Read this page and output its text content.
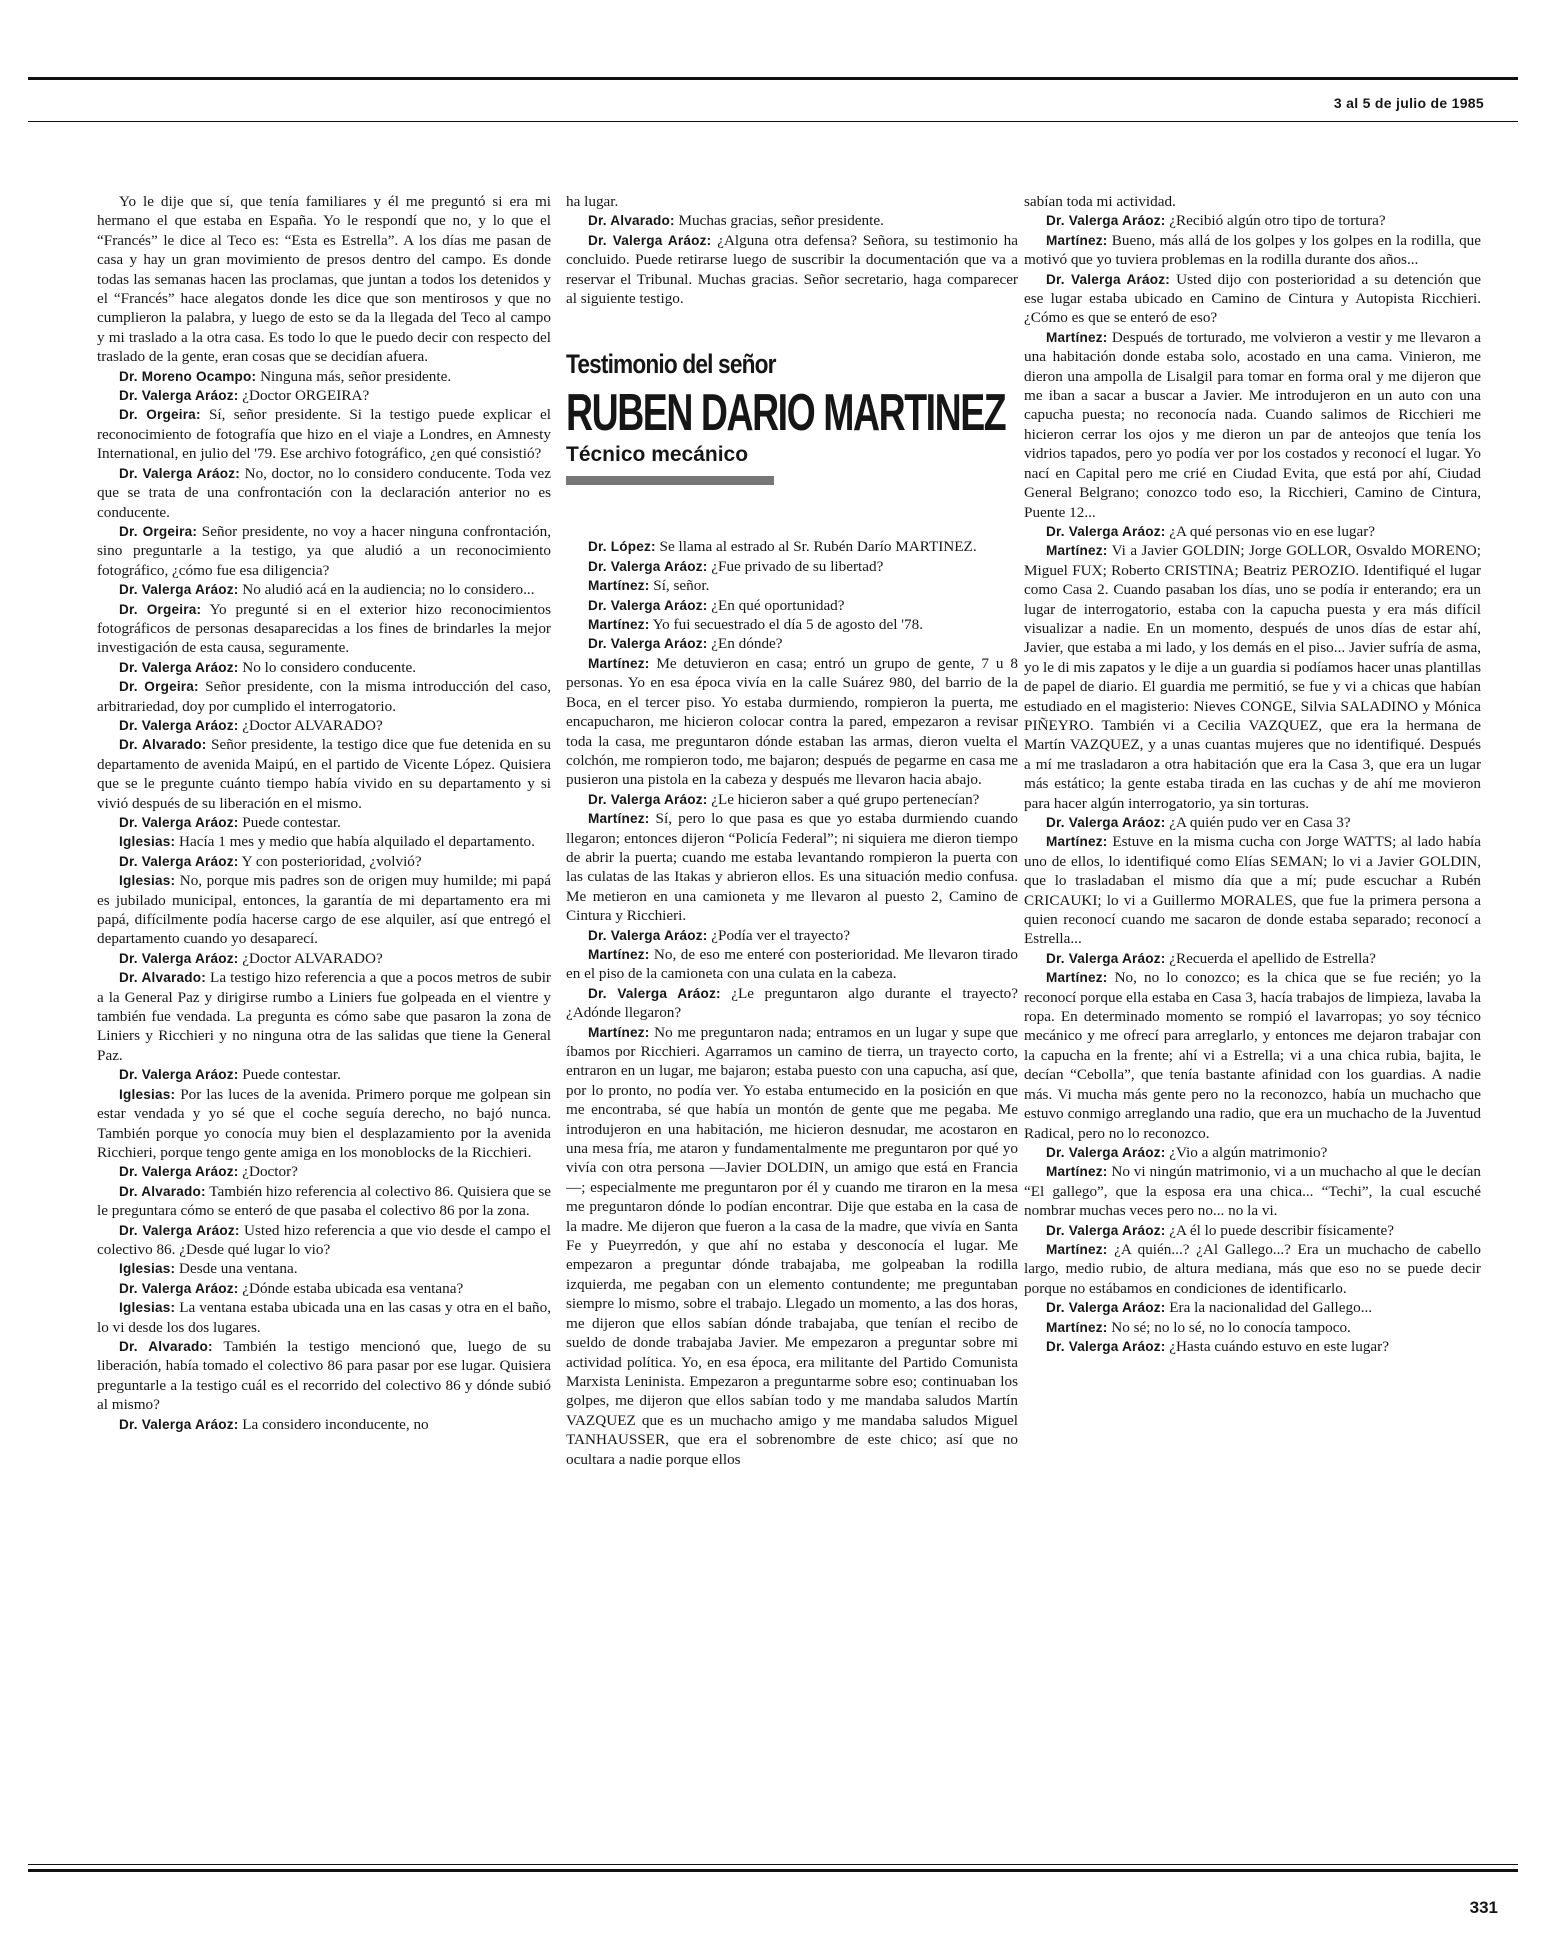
3 al 5 de julio de 1985

Yo le dije que sí, que tenía familiares y él me preguntó si era mi hermano el que estaba en España. Yo le respondí que no, y lo que el “Francés” le dice al Teco es: “Esta es Estrella”. A los días me pasan de casa y hay un gran movimiento de presos dentro del campo. Es donde todas las semanas hacen las proclamas, que juntan a todos los detenidos y el “Francés” hace alegatos donde les dice que son mentirosos y que no cumplieron la palabra, y luego de esto se da la llegada del Teco al campo y mi traslado a la otra casa. Es todo lo que le puedo decir con respecto del traslado de la gente, eran cosas que se decidían afuera.

Dr. Moreno Ocampo: Ninguna más, señor presidente.

Dr. Valerga Aráoz: ¿Doctor ORGEIRA?

Dr. Orgeira: Sí, señor presidente. Si la testigo puede explicar el reconocimiento de fotografía que hizo en el viaje a Londres, en Amnesty International, en julio del '79. Ese archivo fotográfico, ¿en qué consistió?

Dr. Valerga Aráoz: No, doctor, no lo considero conducente. Toda vez que se trata de una confrontación con la declaración anterior no es conducente.

Dr. Orgeira: Señor presidente, no voy a hacer ninguna confrontación, sino preguntarle a la testigo, ya que aludió a un reconocimiento fotográfico, ¿cómo fue esa diligencia?

Dr. Valerga Aráoz: No aludió acá en la audiencia; no lo considero...

Dr. Orgeira: Yo pregunté si en el exterior hizo reconocimientos fotográficos de personas desaparecidas a los fines de brindarles la mejor investigación de esta causa, seguramente.

Dr. Valerga Aráoz: No lo considero conducente.

Dr. Orgeira: Señor presidente, con la misma introducción del caso, arbitrariedad, doy por cumplido el interrogatorio.

Dr. Valerga Aráoz: ¿Doctor ALVARADO?

Dr. Alvarado: Señor presidente, la testigo dice que fue detenida en su departamento de avenida Maipú, en el partido de Vicente López. Quisiera que se le pregunte cuánto tiempo había vivido en su departamento y si vivió después de su liberación en el mismo.

Dr. Valerga Aráoz: Puede contestar.

Iglesias: Hacía 1 mes y medio que había alquilado el departamento.

Dr. Valerga Aráoz: Y con posterioridad, ¿volvió?

Iglesias: No, porque mis padres son de origen muy humilde; mi papá es jubilado municipal, entonces, la garantía de mi departamento era mi papá, difícilmente podía hacerse cargo de ese alquiler, así que entregó el departamento cuando yo desaparecí.

Dr. Valerga Aráoz: ¿Doctor ALVARADO?

Dr. Alvarado: La testigo hizo referencia a que a pocos metros de subir a la General Paz y dirigirse rumbo a Liniers fue golpeada en el vientre y también fue vendada. La pregunta es cómo sabe que pasaron la zona de Liniers y Ricchieri y no ninguna otra de las salidas que tiene la General Paz.

Dr. Valerga Aráoz: Puede contestar.

Iglesias: Por las luces de la avenida. Primero porque me golpean sin estar vendada y yo sé que el coche seguía derecho, no bajó nunca. También porque yo conocía muy bien el desplazamiento por la avenida Ricchieri, porque tengo gente amiga en los monoblocks de la Ricchieri.

Dr. Valerga Aráoz: ¿Doctor?

Dr. Alvarado: También hizo referencia al colectivo 86. Quisiera que se le preguntara cómo se enteró de que pasaba el colectivo 86 por la zona.

Dr. Valerga Aráoz: Usted hizo referencia a que vio desde el campo el colectivo 86. ¿Desde qué lugar lo vio?

Iglesias: Desde una ventana.

Dr. Valerga Aráoz: ¿Dónde estaba ubicada esa ventana?

Iglesias: La ventana estaba ubicada una en las casas y otra en el baño, lo vi desde los dos lugares.

Dr. Alvarado: También la testigo mencionó que, luego de su liberación, había tomado el colectivo 86 para pasar por ese lugar. Quisiera preguntarle a la testigo cuál es el recorrido del colectivo 86 y dónde subió al mismo?

Dr. Valerga Aráoz: La considero inconducente, no

ha lugar.

Dr. Alvarado: Muchas gracias, señor presidente.

Dr. Valerga Aráoz: ¿Alguna otra defensa? Señora, su testimonio ha concluido. Puede retirarse luego de suscribir la documentación que va a reservar el Tribunal. Muchas gracias. Señor secretario, haga comparecer al siguiente testigo.

Testimonio del señor
RUBEN DARIO MARTINEZ
Técnico mecánico

Dr. López: Se llama al estrado al Sr. Rubén Darío MARTINEZ.

Dr. Valerga Aráoz: ¿Fue privado de su libertad?

Martínez: Sí, señor.

Dr. Valerga Aráoz: ¿En qué oportunidad?

Martínez: Yo fui secuestrado el día 5 de agosto del '78.

Dr. Valerga Aráoz: ¿En dónde?

Martínez: Me detuvieron en casa; entró un grupo de gente, 7 u 8 personas. Yo en esa época vivía en la calle Suárez 980, del barrio de la Boca, en el tercer piso. Yo estaba durmiendo, rompieron la puerta, me encapucharon, me hicieron colocar contra la pared, empezaron a revisar toda la casa, me preguntaron dónde estaban las armas, dieron vuelta el colchón, me rompieron todo, me bajaron; después de pegarme en casa me pusieron una pistola en la cabeza y después me llevaron hacia abajo.

Dr. Valerga Aráoz: ¿Le hicieron saber a qué grupo pertenecían?

Martínez: Sí, pero lo que pasa es que yo estaba durmiendo cuando llegaron; entonces dijeron “Policía Federal”; ni siquiera me dieron tiempo de abrir la puerta; cuando me estaba levantando rompieron la puerta con las culatas de las Itakas y abrieron ellos. Es una situación medio confusa. Me metieron en una camioneta y me llevaron al puesto 2, Camino de Cintura y Ricchieri.

Dr. Valerga Aráoz: ¿Podía ver el trayecto?

Martínez: No, de eso me enteré con posterioridad. Me llevaron tirado en el piso de la camioneta con una culata en la cabeza.

Dr. Valerga Aráoz: ¿Le preguntaron algo durante el trayecto? ¿Adónde llegaron?

Martínez: No me preguntaron nada; entramos en un lugar y supe que íbamos por Ricchieri. Agarramos un camino de tierra, un trayecto corto, entraron en un lugar, me bajaron; estaba puesto con una capucha, así que, por lo pronto, no podía ver. Yo estaba entumecido en la posición en que me encontraba, sé que había un montón de gente que me pegaba. Me introdujeron en una habitación, me hicieron desnudar, me acostaron en una mesa fría, me ataron y fundamentalmente me preguntaron por qué yo vivía con otra persona —Javier DOLDIN, un amigo que está en Francia—; especialmente me preguntaron por él y cuando me tiraron en la mesa me preguntaron dónde lo podían encontrar. Dije que estaba en la casa de la madre. Me dijeron que fueron a la casa de la madre, que vivía en Santa Fe y Pueyrredón, y que ahí no estaba y desconocía el lugar. Me empezaron a preguntar dónde trabajaba, me golpeaban la rodilla izquierda, me pegaban con un elemento contundente; me preguntaban siempre lo mismo, sobre el trabajo. Llegado un momento, a las dos horas, me dijeron que ellos sabían dónde trabajaba, que tenían el recibo de sueldo de donde trabajaba Javier. Me empezaron a preguntar sobre mi actividad política. Yo, en esa época, era militante del Partido Comunista Marxista Leninista. Empezaron a preguntarme sobre eso; continuaban los golpes, me dijeron que ellos sabían todo y me mandaba saludos Martín VAZQUEZ que es un muchacho amigo y me mandaba saludos Miguel TANHAUSSER, que era el sobrenombre de este chico; así que no ocultara a nadie porque ellos

sabían toda mi actividad.

Dr. Valerga Aráoz: ¿Recibió algún otro tipo de tortura?

Martínez: Bueno, más allá de los golpes y los golpes en la rodilla, que motivó que yo tuviera problemas en la rodilla durante dos años...

Dr. Valerga Aráoz: Usted dijo con posterioridad a su detención que ese lugar estaba ubicado en Camino de Cintura y Autopista Ricchieri. ¿Cómo es que se enteró de eso?

Martínez: Después de torturado, me volvieron a vestir y me llevaron a una habitación donde estaba solo, acostado en una cama. Vinieron, me dieron una ampolla de Lisalgil para tomar en forma oral y me dijeron que me iban a sacar a buscar a Javier. Me introdujeron en un auto con una capucha puesta; no reconocía nada. Cuando salimos de Ricchieri me hicieron cerrar los ojos y me dieron un par de anteojos que tenía los vidrios tapados, pero yo podía ver por los costados y reconocí el lugar. Yo nací en Capital pero me crié en Ciudad Evita, que está por ahí, Ciudad General Belgrano; conozco todo eso, la Ricchieri, Camino de Cintura, Puente 12...

Dr. Valerga Aráoz: ¿A qué personas vio en ese lugar?

Martínez: Vi a Javier GOLDIN; Jorge GOLLOR, Osvaldo MORENO; Miguel FUX; Roberto CRISTINA; Beatriz PEROZIO. Identifiqué el lugar como Casa 2. Cuando pasaban los días, uno se podía ir enterando; era un lugar de interrogatorio, estaba con la capucha puesta y era más difícil visualizar a nadie. En un momento, después de unos días de estar ahí, Javier, que estaba a mi lado, y los demás en el piso... Javier sufría de asma, yo le di mis zapatos y le dije a un guardia si podíamos hacer unas plantillas de papel de diario. El guardia me permitió, se fue y vi a chicas que habían estudiado en el magisterio: Nieves CONGE, Silvia SALADINO y Mónica PIÑEYRO. También vi a Cecilia VAZQUEZ, que era la hermana de Martín VAZQUEZ, y a unas cuantas mujeres que no identifiqué. Después a mí me trasladaron a otra habitación que era la Casa 3, que era un lugar más estático; la gente estaba tirada en las cuchas y de ahí me movieron para hacer algún interrogatorio, ya sin torturas.

Dr. Valerga Aráoz: ¿A quién pudo ver en Casa 3?

Martínez: Estuve en la misma cucha con Jorge WATTS; al lado había uno de ellos, lo identifiqué como Elías SEMAN; lo vi a Javier GOLDIN, que lo trasladaban el mismo día que a mí; pude escuchar a Rubén CRICAUKI; lo vi a Guillermo MORALES, que fue la primera persona a quien reconocí cuando me sacaron de donde estaba separado; reconocí a Estrella...

Dr. Valerga Aráoz: ¿Recuerda el apellido de Estrella?

Martínez: No, no lo conozco; es la chica que se fue recién; yo la reconocí porque ella estaba en Casa 3, hacía trabajos de limpieza, lavaba la ropa. En determinado momento se rompió el lavarropas; yo soy técnico mecánico y me ofrecí para arreglarlo, y entonces me dejaron trabajar con la capucha en la frente; ahí vi a Estrella; vi a una chica rubia, bajita, le decían “Cebolla”, que tenía bastante afinidad con los guardias. A nadie más. Vi mucha más gente pero no la reconozco, había un muchacho que estuvo conmigo arreglando una radio, que era un muchacho de la Juventud Radical, pero no lo reconozco.

Dr. Valerga Aráoz: ¿Vio a algún matrimonio?

Martínez: No vi ningún matrimonio, vi a un muchacho al que le decían “El gallego”, que la esposa era una chica... “Techi”, la cual escuché nombrar muchas veces pero no... no la vi.

Dr. Valerga Aráoz: ¿A él lo puede describir físicamente?

Martínez: ¿A quién...? ¿Al Gallego...? Era un muchacho de cabello largo, medio rubio, de altura mediana, más que eso no se puede decir porque no estábamos en condiciones de identificarlo.

Dr. Valerga Aráoz: Era la nacionalidad del Gallego...

Martínez: No sé; no lo sé, no lo conocía tampoco.

Dr. Valerga Aráoz: ¿Hasta cuándo estuvo en este lugar?

331
